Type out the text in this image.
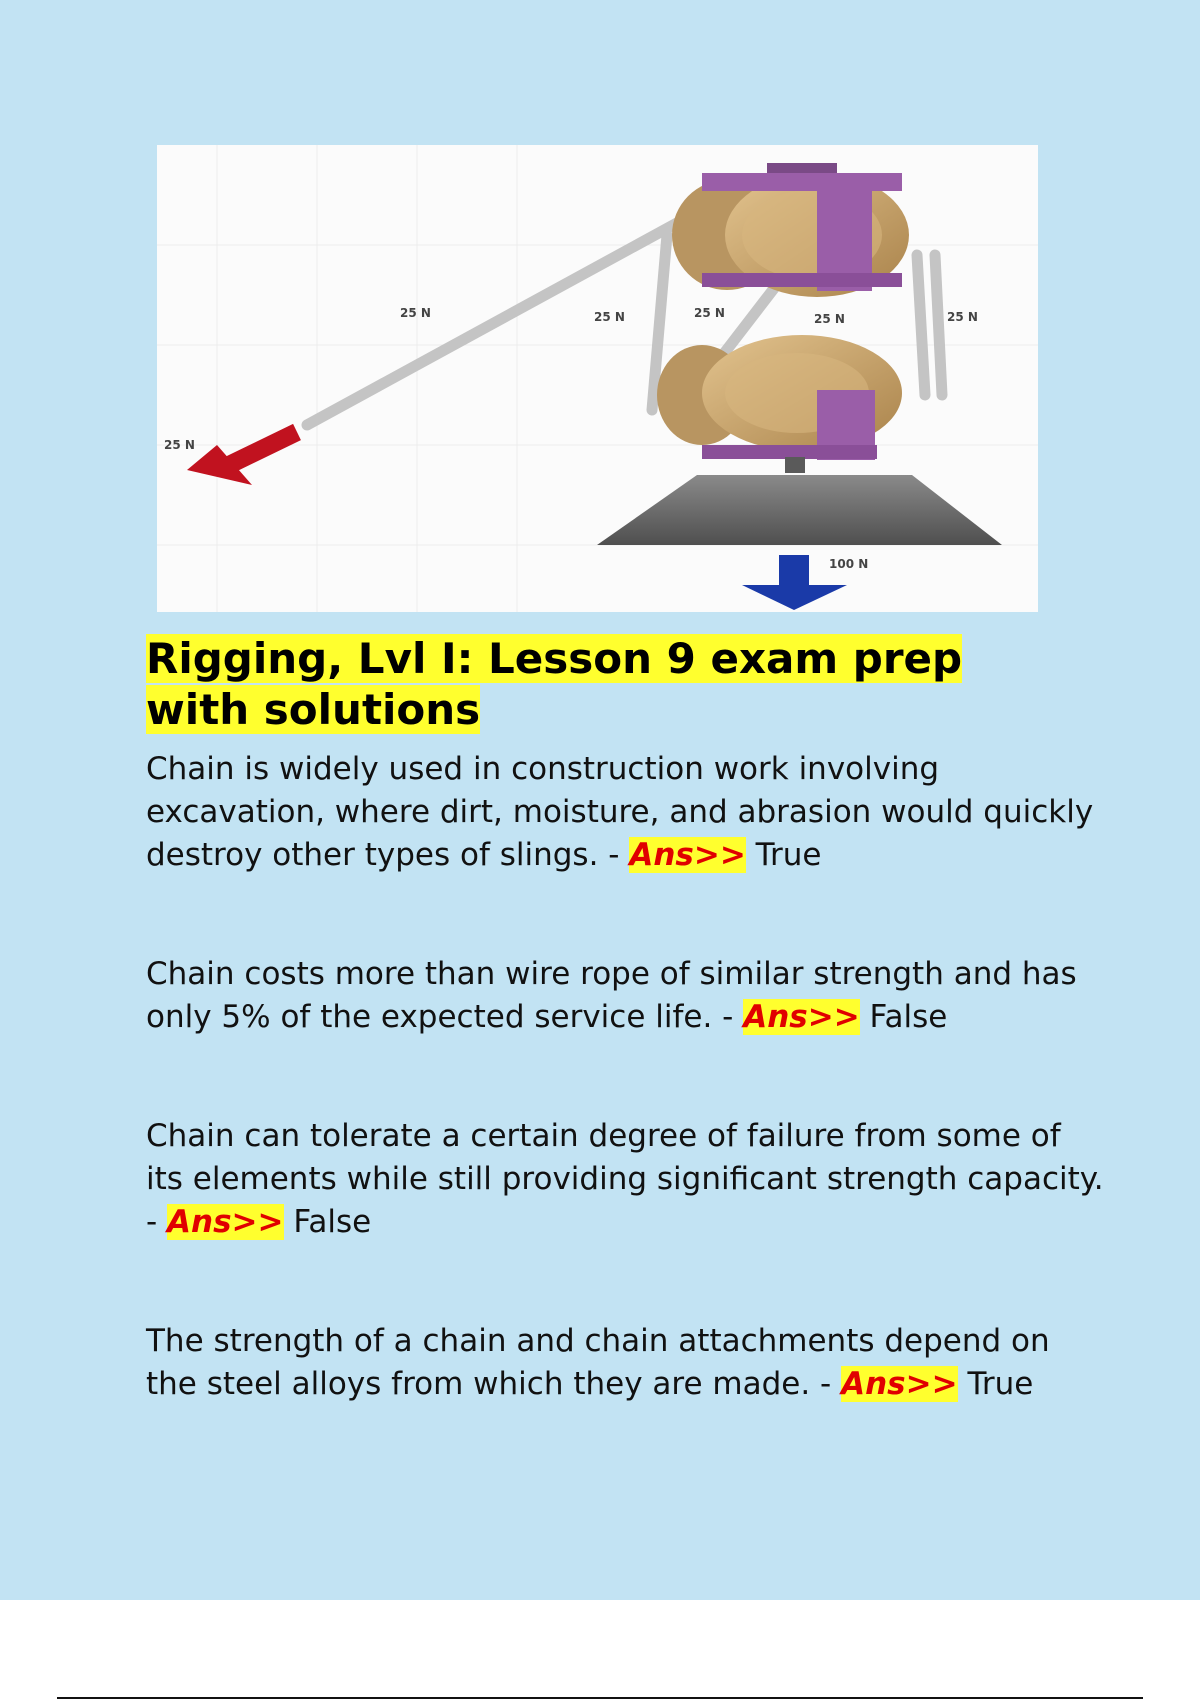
25 N	25 N	25 N	25 N	25 N
25 N
100 N
Rigging, Lvl I: Lesson 9 exam prep with solutions
Chain is widely used in construction work involving excavation, where dirt, moisture, and abrasion would quickly destroy other types of slings. - Ans>> True
Chain costs more than wire rope of similar strength and has only 5% of the expected service life. - Ans>> False
Chain can tolerate a certain degree of failure from some of its elements while still providing significant strength capacity. - Ans>> False
The strength of a chain and chain attachments depend on the steel alloys from which they are made. - Ans>> True
